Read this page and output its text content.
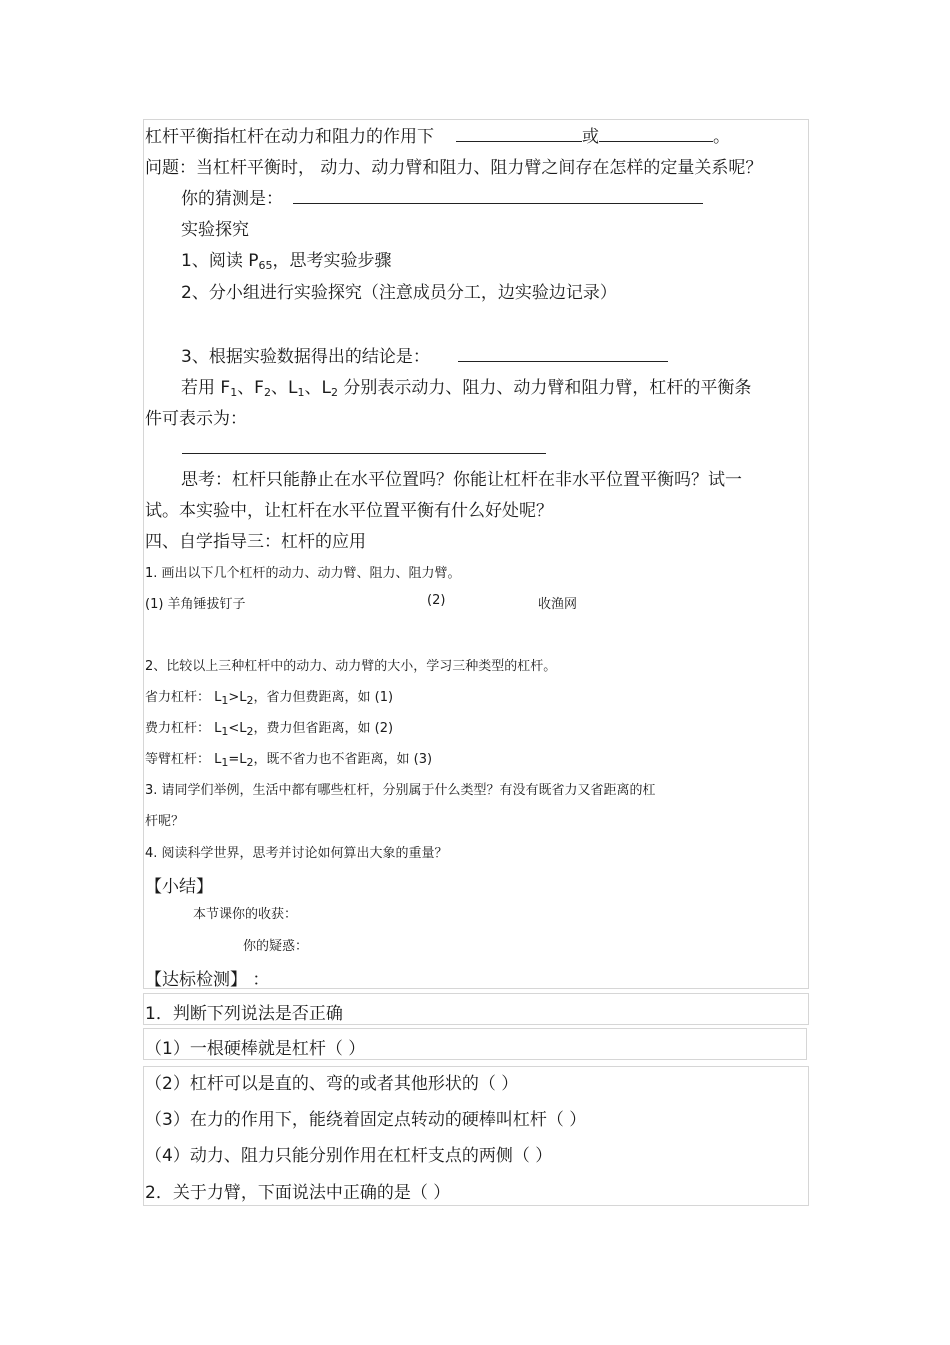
杠杆平衡指杠杆在动力和阻力的作用下	或	。
问题：当杠杆平衡时， 动力、动力臂和阻力、阻力臂之间存在怎样的定量关系呢？
你的猜测是：
实验探究
1、阅读 $P_{65}$，思考实验步骤
2、分小组进行实验探究（注意成员分工，边实验边记录）
3、根据实验数据得出的结论是：
若用 $F_1$、$F_2$、$L_1$、$L_2$ 分别表示动力、阻力、动力臂和阻力臂，杠杆的平衡条
件可表示为：
思考：杠杆只能静止在水平位置吗？你能让杠杆在非水平位置平衡吗？试一
试。本实验中，让杠杆在水平位置平衡有什么好处呢？
四、自学指导三：杠杆的应用
1. 画出以下几个杠杆的动力、动力臂、阻力、阻力臂。
(1) 羊角锤拔钉子	(2)	收渔网
2、比较以上三种杠杆中的动力、动力臂的大小，学习三种类型的杠杆。
省力杠杆： $L_1>L_2$，省力但费距离，如 (1)
费力杠杆： $L_1<L_2$，费力但省距离，如 (2)
等臂杠杆： $L_1=L_2$，既不省力也不省距离，如 (3)
3. 请同学们举例，生活中都有哪些杠杆，分别属于什么类型？有没有既省力又省距离的杠
杆呢？
4. 阅读科学世界，思考并讨论如何算出大象的重量？
【小结】
本节课你的收获：
你的疑惑：
【达标检测】 ：
1．判断下列说法是否正确
（1）一根硬棒就是杠杆（ ）
（2）杠杆可以是直的、弯的或者其他形状的（ ）
（3）在力的作用下，能绕着固定点转动的硬棒叫杠杆（ ）
（4）动力、阻力只能分别作用在杠杆支点的两侧（ ）
2．关于力臂，下面说法中正确的是（ ）
